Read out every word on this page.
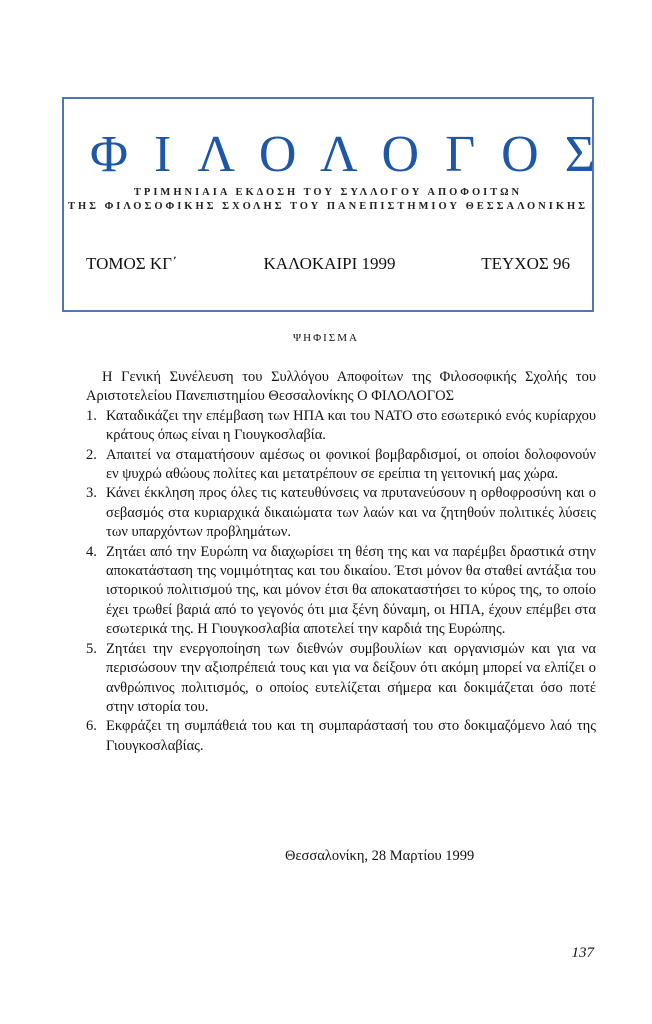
ΦΙΛΟΛΟΓΟΣ
ΤΡΙΜΗΝΙΑΙΑ ΕΚΔΟΣΗ ΤΟΥ ΣΥΛΛΟΓΟΥ ΑΠΟΦΟΙΤΩΝ
ΤΗΣ ΦΙΛΟΣΟΦΙΚΗΣ ΣΧΟΛΗΣ ΤΟΥ ΠΑΝΕΠΙΣΤΗΜΙΟΥ ΘΕΣΣΑΛΟΝΙΚΗΣ
ΤΟΜΟΣ ΚΓ΄	ΚΑΛΟΚΑΙΡΙ 1999	ΤΕΥΧΟΣ 96
ΨΗΦΙΣΜΑ

Η Γενική Συνέλευση του Συλλόγου Αποφοίτων της Φιλοσοφικής Σχολής του Αριστοτελείου Πανεπιστημίου Θεσσαλονίκης Ο ΦΙΛΟΛΟΓΟΣ

1. Καταδικάζει την επέμβαση των ΗΠΑ και του ΝΑΤΟ στο εσωτερικό ενός κυρίαρχου κράτους όπως είναι η Γιουγκοσλαβία.
2. Απαιτεί να σταματήσουν αμέσως οι φονικοί βομβαρδισμοί, οι οποίοι δολοφονούν εν ψυχρώ αθώους πολίτες και μετατρέπουν σε ερείπια τη γειτονική μας χώρα.
3. Κάνει έκκληση προς όλες τις κατευθύνσεις να πρυτανεύσουν η ορθοφροσύνη και ο σεβασμός στα κυριαρχικά δικαιώματα των λαών και να ζητηθούν πολιτικές λύσεις των υπαρχόντων προβλημάτων.
4. Ζητάει από την Ευρώπη να διαχωρίσει τη θέση της και να παρέμβει δραστικά στην αποκατάσταση της νομιμότητας και του δικαίου. Έτσι μόνον θα σταθεί αντάξια του ιστορικού πολιτισμού της, και μόνον έτσι θα αποκαταστήσει το κύρος της, το οποίο έχει τρωθεί βαριά από το γεγονός ότι μια ξένη δύναμη, οι ΗΠΑ, έχουν επέμβει στα εσωτερικά της. Η Γιουγκοσλαβία αποτελεί την καρδιά της Ευρώπης.
5. Ζητάει την ενεργοποίηση των διεθνών συμβουλίων και οργανισμών και για να περισώσουν την αξιοπρέπειά τους και για να δείξουν ότι ακόμη μπορεί να ελπίζει ο ανθρώπινος πολιτισμός, ο οποίος ευτελίζεται σήμερα και δοκιμάζεται όσο ποτέ στην ιστορία του.
6. Εκφράζει τη συμπάθειά του και τη συμπαράστασή του στο δοκιμαζόμενο λαό της Γιουγκοσλαβίας.
Θεσσαλονίκη, 28 Μαρτίου 1999
137
